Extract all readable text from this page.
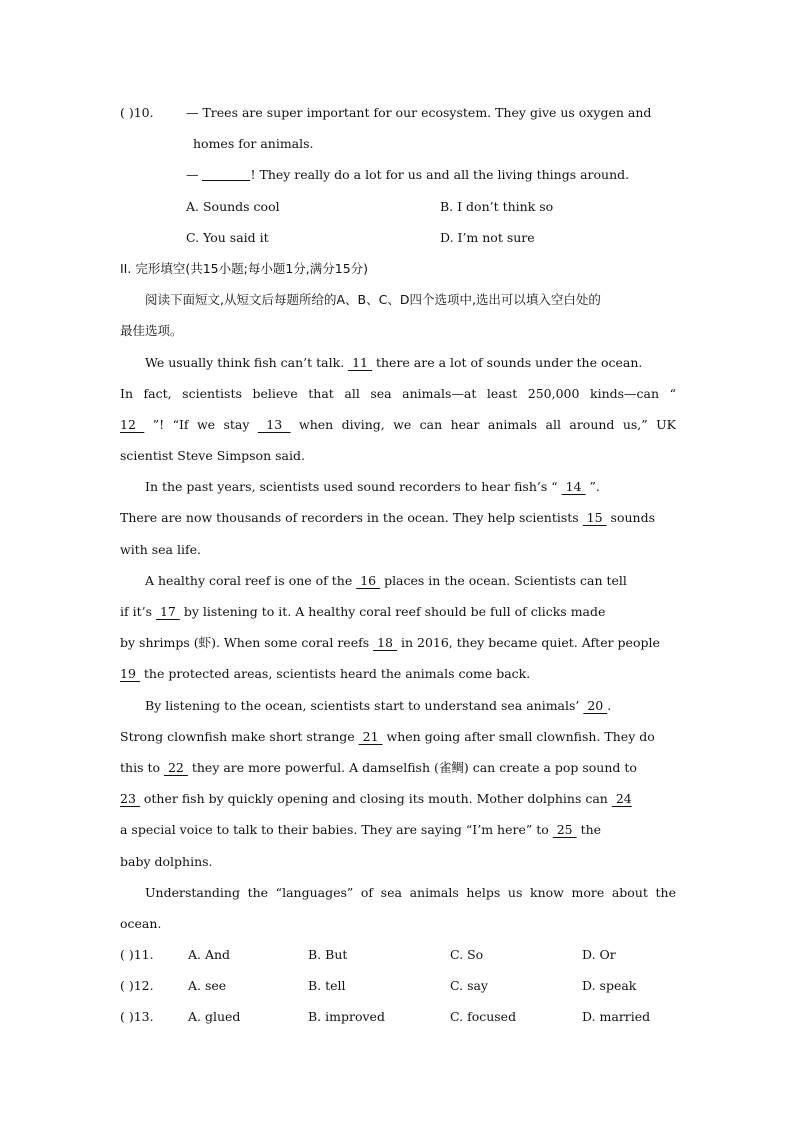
( )10.	— Trees are super important for our ecosystem. They give us oxygen and
homes for animals.
—	! They really do a lot for us and all the living things around.
A. Sounds cool	B. I don’t think so
C. You said it	D. I’m not sure
II. 完形填空(共15小题;每小题1分,满分15分)
阅读下面短文,从短文后每题所给的A、B、C、D四个选项中,选出可以填入空白处的
最佳选项。
We usually think fish can’t talk.  11  there are a lot of sounds under the ocean.
In fact, scientists believe that all sea animals—at least 250,000 kinds—can “
12  ”! “If we stay  13  when diving, we can hear animals all around us,” UK
scientist Steve Simpson said.
In the past years, scientists used sound recorders to hear fish’s “  14  ”.
There are now thousands of recorders in the ocean. They help scientists  15  sounds
with sea life.
A healthy coral reef is one of the  16  places in the ocean. Scientists can tell
if it’s  17  by listening to it. A healthy coral reef should be full of clicks made
by shrimps (虾). When some coral reefs  18  in 2016, they became quiet. After people
19  the protected areas, scientists heard the animals come back.
By listening to the ocean, scientists start to understand sea animals’  20 .
Strong clownfish make short strange  21  when going after small clownfish. They do
this to  22  they are more powerful. A damselfish (雀鲷) can create a pop sound to
23  other fish by quickly opening and closing its mouth. Mother dolphins can  24
a special voice to talk to their babies. They are saying “I’m here” to  25  the
baby dolphins.
Understanding the “languages” of sea animals helps us know more about the
ocean.
( )11.	A. And	B. But	C. So	D. Or
( )12.	A. see	B. tell	C. say	D. speak
( )13.	A. glued	B. improved	C. focused	D. married
